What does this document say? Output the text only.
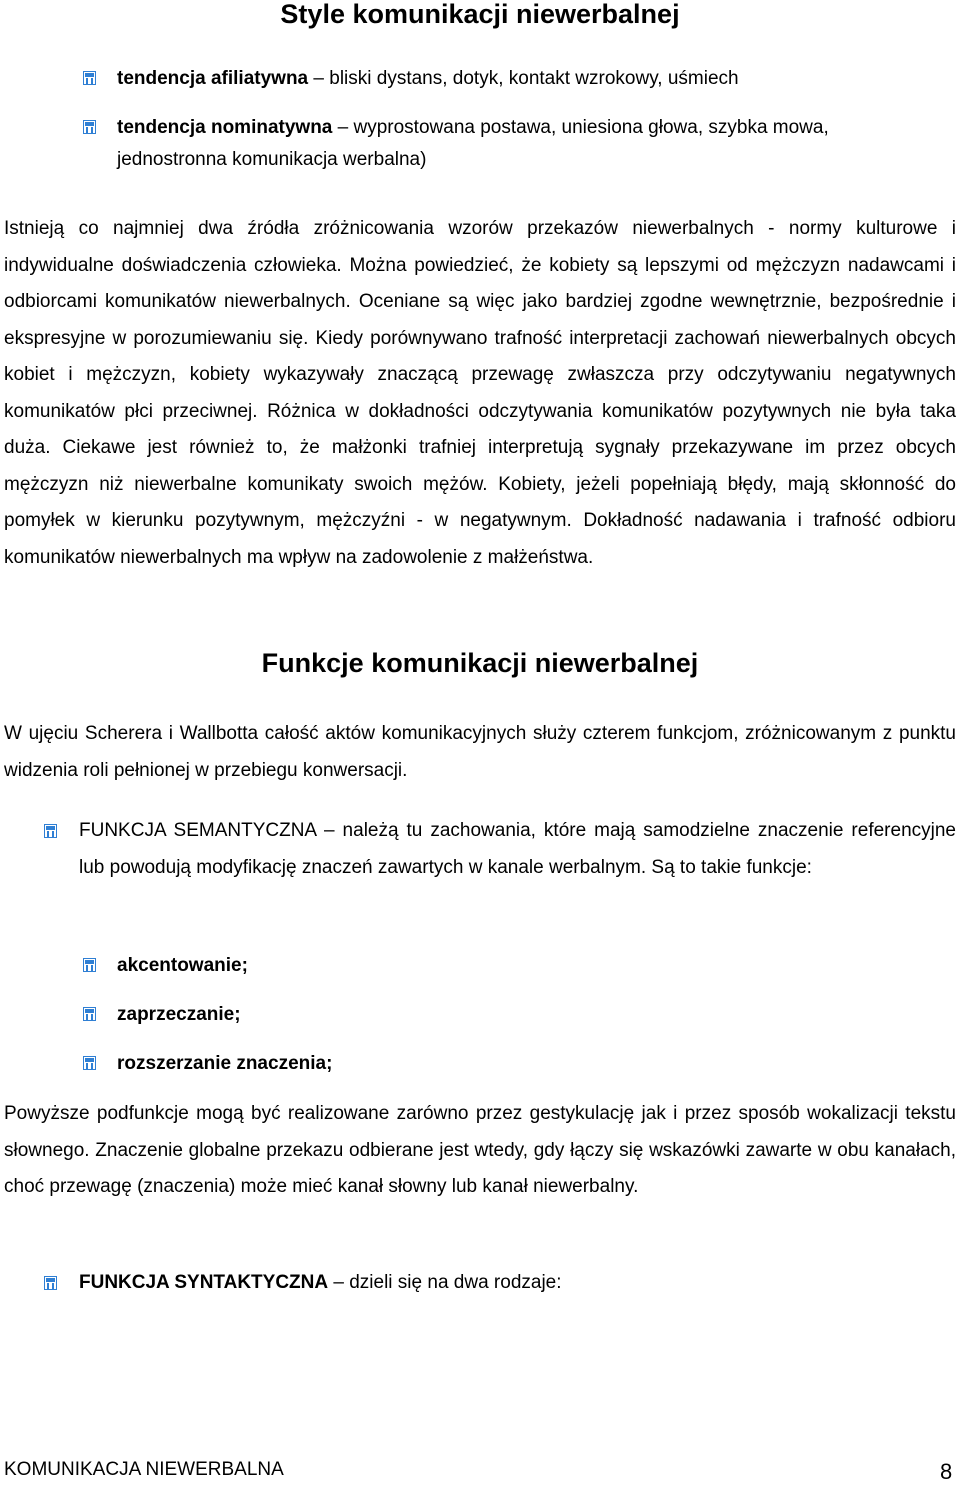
Style komunikacji niewerbalnej
tendencja afiliatywna – bliski dystans, dotyk, kontakt wzrokowy, uśmiech
tendencja nominatywna – wyprostowana postawa, uniesiona głowa, szybka mowa, jednostronna komunikacja werbalna)
Istnieją co najmniej dwa źródła zróżnicowania wzorów przekazów niewerbalnych - normy kulturowe i indywidualne doświadczenia człowieka. Można powiedzieć, że kobiety są lepszymi od mężczyzn nadawcami i odbiorcami komunikatów niewerbalnych. Oceniane są więc jako bardziej zgodne wewnętrznie, bezpośrednie i ekspresyjne w porozumiewaniu się. Kiedy porównywano trafność interpretacji zachowań niewerbalnych obcych kobiet i mężczyzn, kobiety wykazywały znaczącą przewagę zwłaszcza przy odczytywaniu negatywnych komunikatów płci przeciwnej. Różnica w dokładności odczytywania komunikatów pozytywnych nie była taka duża. Ciekawe jest również to, że małżonki trafniej interpretują sygnały przekazywane im przez obcych mężczyzn niż niewerbalne komunikaty swoich mężów. Kobiety, jeżeli popełniają błędy, mają skłonność do pomyłek w kierunku pozytywnym, mężczyźni - w negatywnym. Dokładność nadawania i trafność odbioru komunikatów niewerbalnych ma wpływ na zadowolenie z małżeństwa.
Funkcje komunikacji niewerbalnej
W ujęciu Scherera i Wallbotta całość aktów komunikacyjnych służy czterem funkcjom, zróżnicowanym z punktu widzenia roli pełnionej w przebiegu konwersacji.
FUNKCJA SEMANTYCZNA – należą tu zachowania, które mają samodzielne znaczenie referencyjne lub powodują modyfikację znaczeń zawartych w kanale werbalnym. Są to takie funkcje:
akcentowanie;
zaprzeczanie;
rozszerzanie znaczenia;
Powyższe podfunkcje mogą być realizowane zarówno przez gestykulację jak i przez sposób wokalizacji tekstu słownego. Znaczenie globalne przekazu odbierane jest wtedy, gdy łączy się wskazówki zawarte w obu kanałach, choć przewagę (znaczenia) może mieć kanał słowny lub kanał niewerbalny.
FUNKCJA SYNTAKTYCZNA – dzieli się na dwa rodzaje:
KOMUNIKACJA NIEWERBALNA	8
